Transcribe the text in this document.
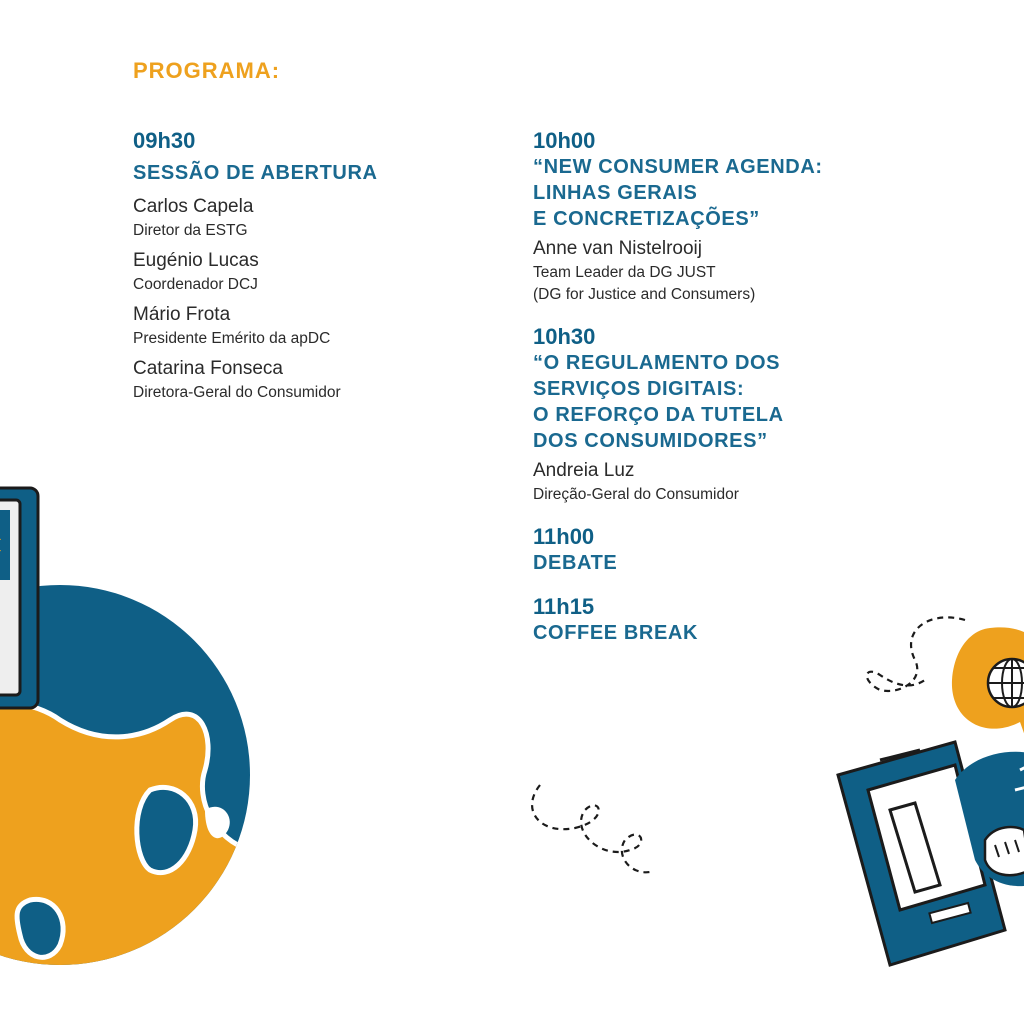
PROGRAMA:
09h30
SESSÃO DE ABERTURA
Carlos Capela
Diretor da ESTG
Eugénio Lucas
Coordenador DCJ
Mário Frota
Presidente Emérito da apDC
Catarina Fonseca
Diretora-Geral do Consumidor
10h00
“NEW CONSUMER AGENDA:
LINHAS GERAIS
E CONCRETIZAÇÕES”
Anne van Nistelrooij
Team Leader da DG JUST
(DG for Justice and Consumers)
10h30
“O REGULAMENTO DOS
SERVIÇOS DIGITAIS:
O REFORÇO DA TUTELA
DOS CONSUMIDORES”
Andreia Luz
Direção-Geral do Consumidor
11h00
DEBATE
11h15
COFFEE BREAK
